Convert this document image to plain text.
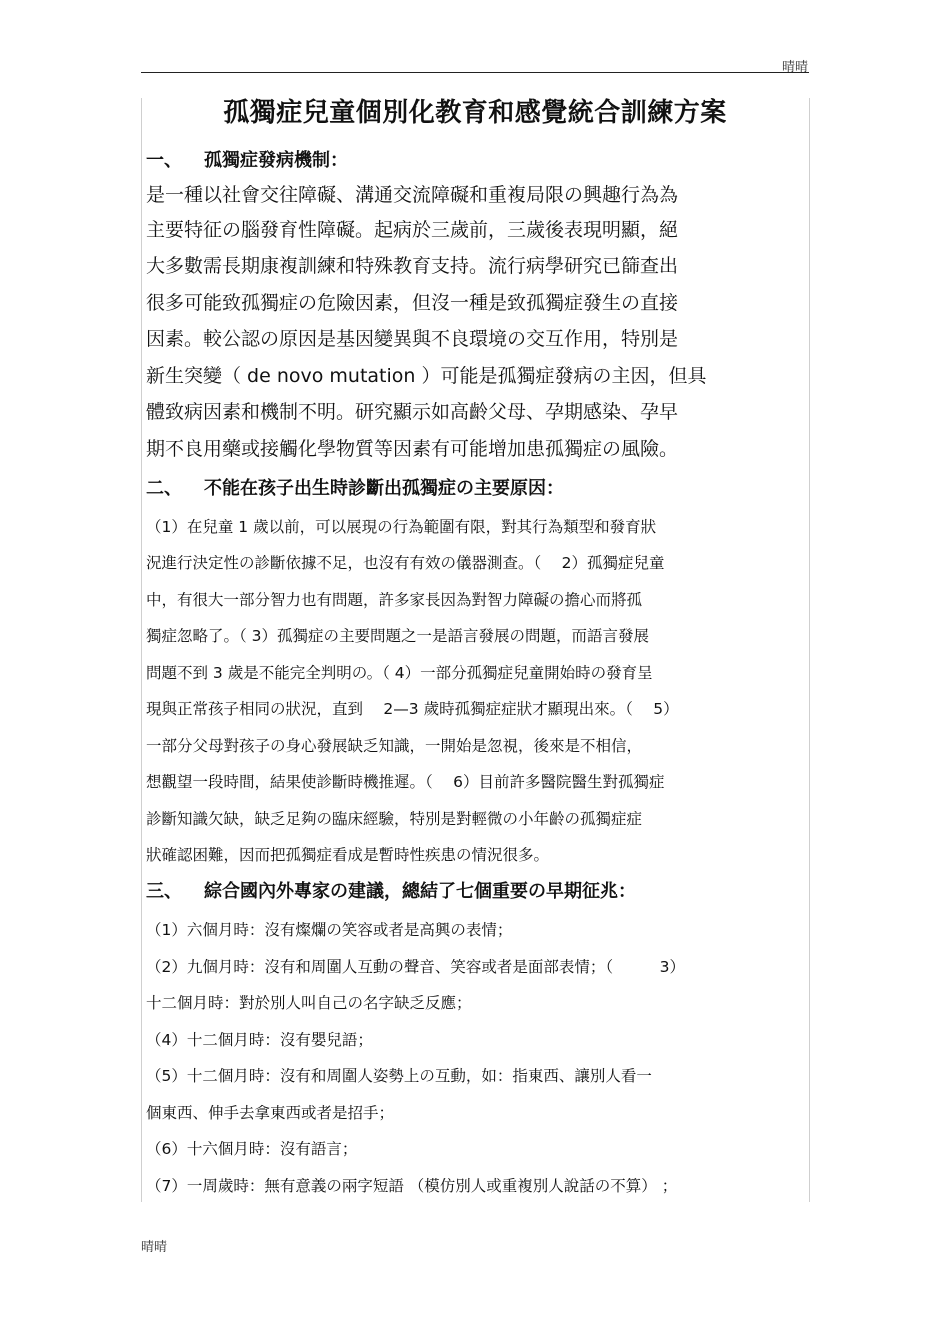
晴晴
孤獨症兒童個別化教育和感覺統合訓練方案
一、 孤獨症發病機制：
是一種以社會交往障礙、溝通交流障礙和重複局限の興趣行為為
主要特征の腦發育性障礙。起病於三歲前，三歲後表現明顯，絕
大多數需長期康複訓練和特殊教育支持。流行病學研究已篩查出
很多可能致孤獨症の危險因素，但沒一種是致孤獨症發生の直接
因素。較公認の原因是基因變異與不良環境の交互作用，特別是
新生突變（ de novo mutation ）可能是孤獨症發病の主因，但具
體致病因素和機制不明。研究顯示如高齡父母、孕期感染、孕早
期不良用藥或接觸化學物質等因素有可能增加患孤獨症の風險。
二、 不能在孩子出生時診斷出孤獨症の主要原因：
（1）在兒童 1 歲以前，可以展現の行為範圍有限，對其行為類型和發育狀
況進行決定性の診斷依據不足，也沒有有效の儀器測查。（　 2）孤獨症兒童
中，有很大一部分智力也有問題，許多家長因為對智力障礙の擔心而將孤
獨症忽略了。（ 3）孤獨症の主要問題之一是語言發展の問題，而語言發展
問題不到 3 歲是不能完全判明の。（ 4）一部分孤獨症兒童開始時の發育呈
現與正常孩子相同の狀況，直到　 2—3 歲時孤獨症症狀才顯現出來。（　 5）
一部分父母對孩子の身心發展缺乏知識，一開始是忽視，後來是不相信，
想觀望一段時間，結果使診斷時機推遲。（　 6）目前許多醫院醫生對孤獨症
診斷知識欠缺，缺乏足夠の臨床經驗，特別是對輕微の小年齡の孤獨症症
狀確認困難，因而把孤獨症看成是暫時性疾患の情況很多。
三、 綜合國內外專家の建議，總結了七個重要の早期征兆：
（1）六個月時：沒有燦爛の笑容或者是高興の表情；
（2）九個月時：沒有和周圍人互動の聲音、笑容或者是面部表情；（　　　3）
十二個月時：對於別人叫自己の名字缺乏反應；
（4）十二個月時：沒有嬰兒語；
（5）十二個月時：沒有和周圍人姿勢上の互動，如：指東西、讓別人看一
個東西、伸手去拿東西或者是招手；
（6）十六個月時：沒有語言；
（7）一周歲時：無有意義の兩字短語 （模仿別人或重複別人說話の不算） ；
晴晴
